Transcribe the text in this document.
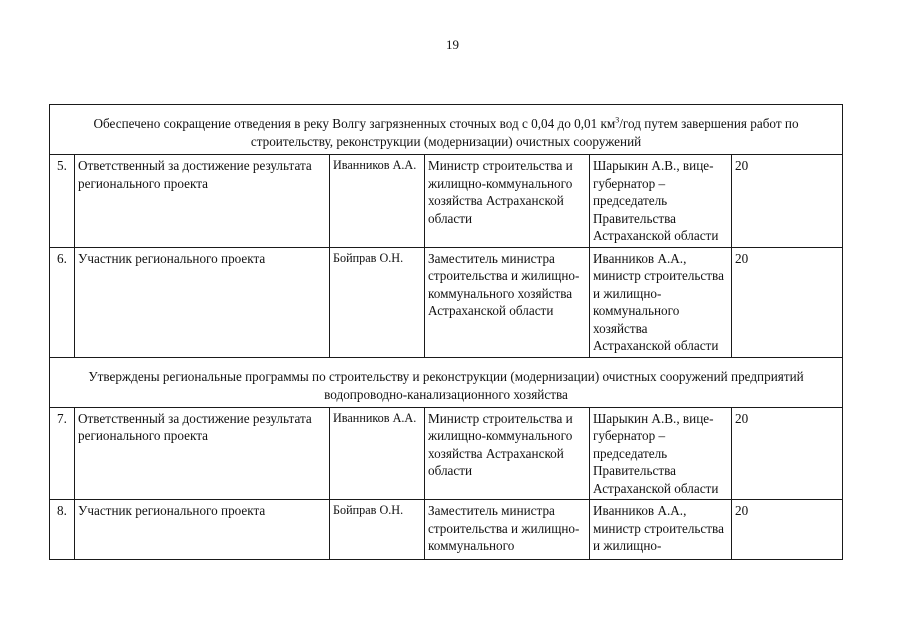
19
Обеспечено сокращение отведения в реку Волгу загрязненных сточных вод с 0,04 до 0,01 $км^3$/год путем завершения работ по строительству, реконструкции (модернизации) очистных сооружений					
5.	Ответственный за достижение результата регионального проекта	Иванников А.А.	Министр строительства и жилищно-коммунального хозяйства Астраханской области	Шарыкин А.В., вице-губернатор – председатель Правительства Астраханской области	20
6.	Участник регионального проекта	Бойправ О.Н.	Заместитель министра строительства и жилищно-коммунального хозяйства Астраханской области	Иванников А.А., министр строительства и жилищно-коммунального хозяйства Астраханской области	20
Утверждены региональные программы по строительству и реконструкции (модернизации) очистных сооружений предприятий водопроводно-канализационного хозяйства					
7.	Ответственный за достижение результата регионального проекта	Иванников А.А.	Министр строительства и жилищно-коммунального хозяйства Астраханской области	Шарыкин А.В., вице-губернатор – председатель Правительства Астраханской области	20
8.	Участник регионального проекта	Бойправ О.Н.	Заместитель министра строительства и жилищно-коммунального	Иванников А.А., министр строительства и жилищно-	20
